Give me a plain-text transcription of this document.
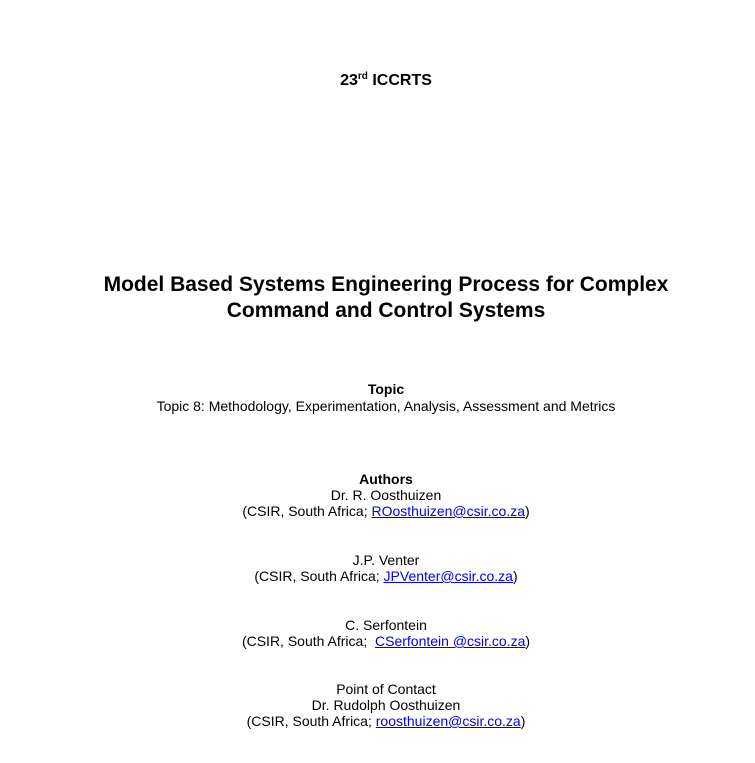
23rd ICCRTS
Model Based Systems Engineering Process for Complex
Command and Control Systems
Topic
Topic 8: Methodology, Experimentation, Analysis, Assessment and Metrics
Authors
Dr. R. Oosthuizen
(CSIR, South Africa; ROosthuizen@csir.co.za)
J.P. Venter
(CSIR, South Africa; JPVenter@csir.co.za)
C. Serfontein
(CSIR, South Africa;  CSerfontein @csir.co.za)
Point of Contact
Dr. Rudolph Oosthuizen
(CSIR, South Africa; roosthuizen@csir.co.za)
